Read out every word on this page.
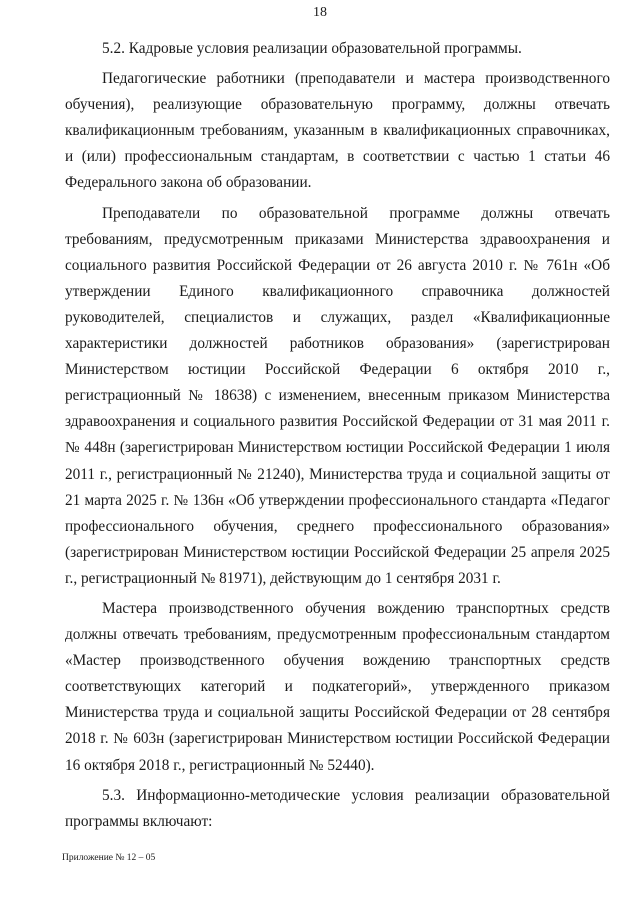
18

5.2. Кадровые условия реализации образовательной программы.

Педагогические работники (преподаватели и мастера производственного обучения), реализующие образовательную программу, должны отвечать квалификационным требованиям, указанным в квалификационных справочниках, и (или) профессиональным стандартам, в соответствии с частью 1 статьи 46 Федерального закона об образовании.

Преподаватели по образовательной программе должны отвечать требованиям, предусмотренным приказами Министерства здравоохранения и социального развития Российской Федерации от 26 августа 2010 г. № 761н «Об утверждении Единого квалификационного справочника должностей руководителей, специалистов и служащих, раздел «Квалификационные характеристики должностей работников образования» (зарегистрирован Министерством юстиции Российской Федерации 6 октября 2010 г., регистрационный № 18638) с изменением, внесенным приказом Министерства здравоохранения и социального развития Российской Федерации от 31 мая 2011 г. № 448н (зарегистрирован Министерством юстиции Российской Федерации 1 июля 2011 г., регистрационный № 21240), Министерства труда и социальной защиты от 21 марта 2025 г. № 136н «Об утверждении профессионального стандарта «Педагог профессионального обучения, среднего профессионального образования» (зарегистрирован Министерством юстиции Российской Федерации 25 апреля 2025 г., регистрационный № 81971), действующим до 1 сентября 2031 г.

Мастера производственного обучения вождению транспортных средств должны отвечать требованиям, предусмотренным профессиональным стандартом «Мастер производственного обучения вождению транспортных средств соответствующих категорий и подкатегорий», утвержденного приказом Министерства труда и социальной защиты Российской Федерации от 28 сентября 2018 г. № 603н (зарегистрирован Министерством юстиции Российской Федерации 16 октября 2018 г., регистрационный № 52440).

5.3. Информационно-методические условия реализации образовательной программы включают:

Приложение № 12 – 05
